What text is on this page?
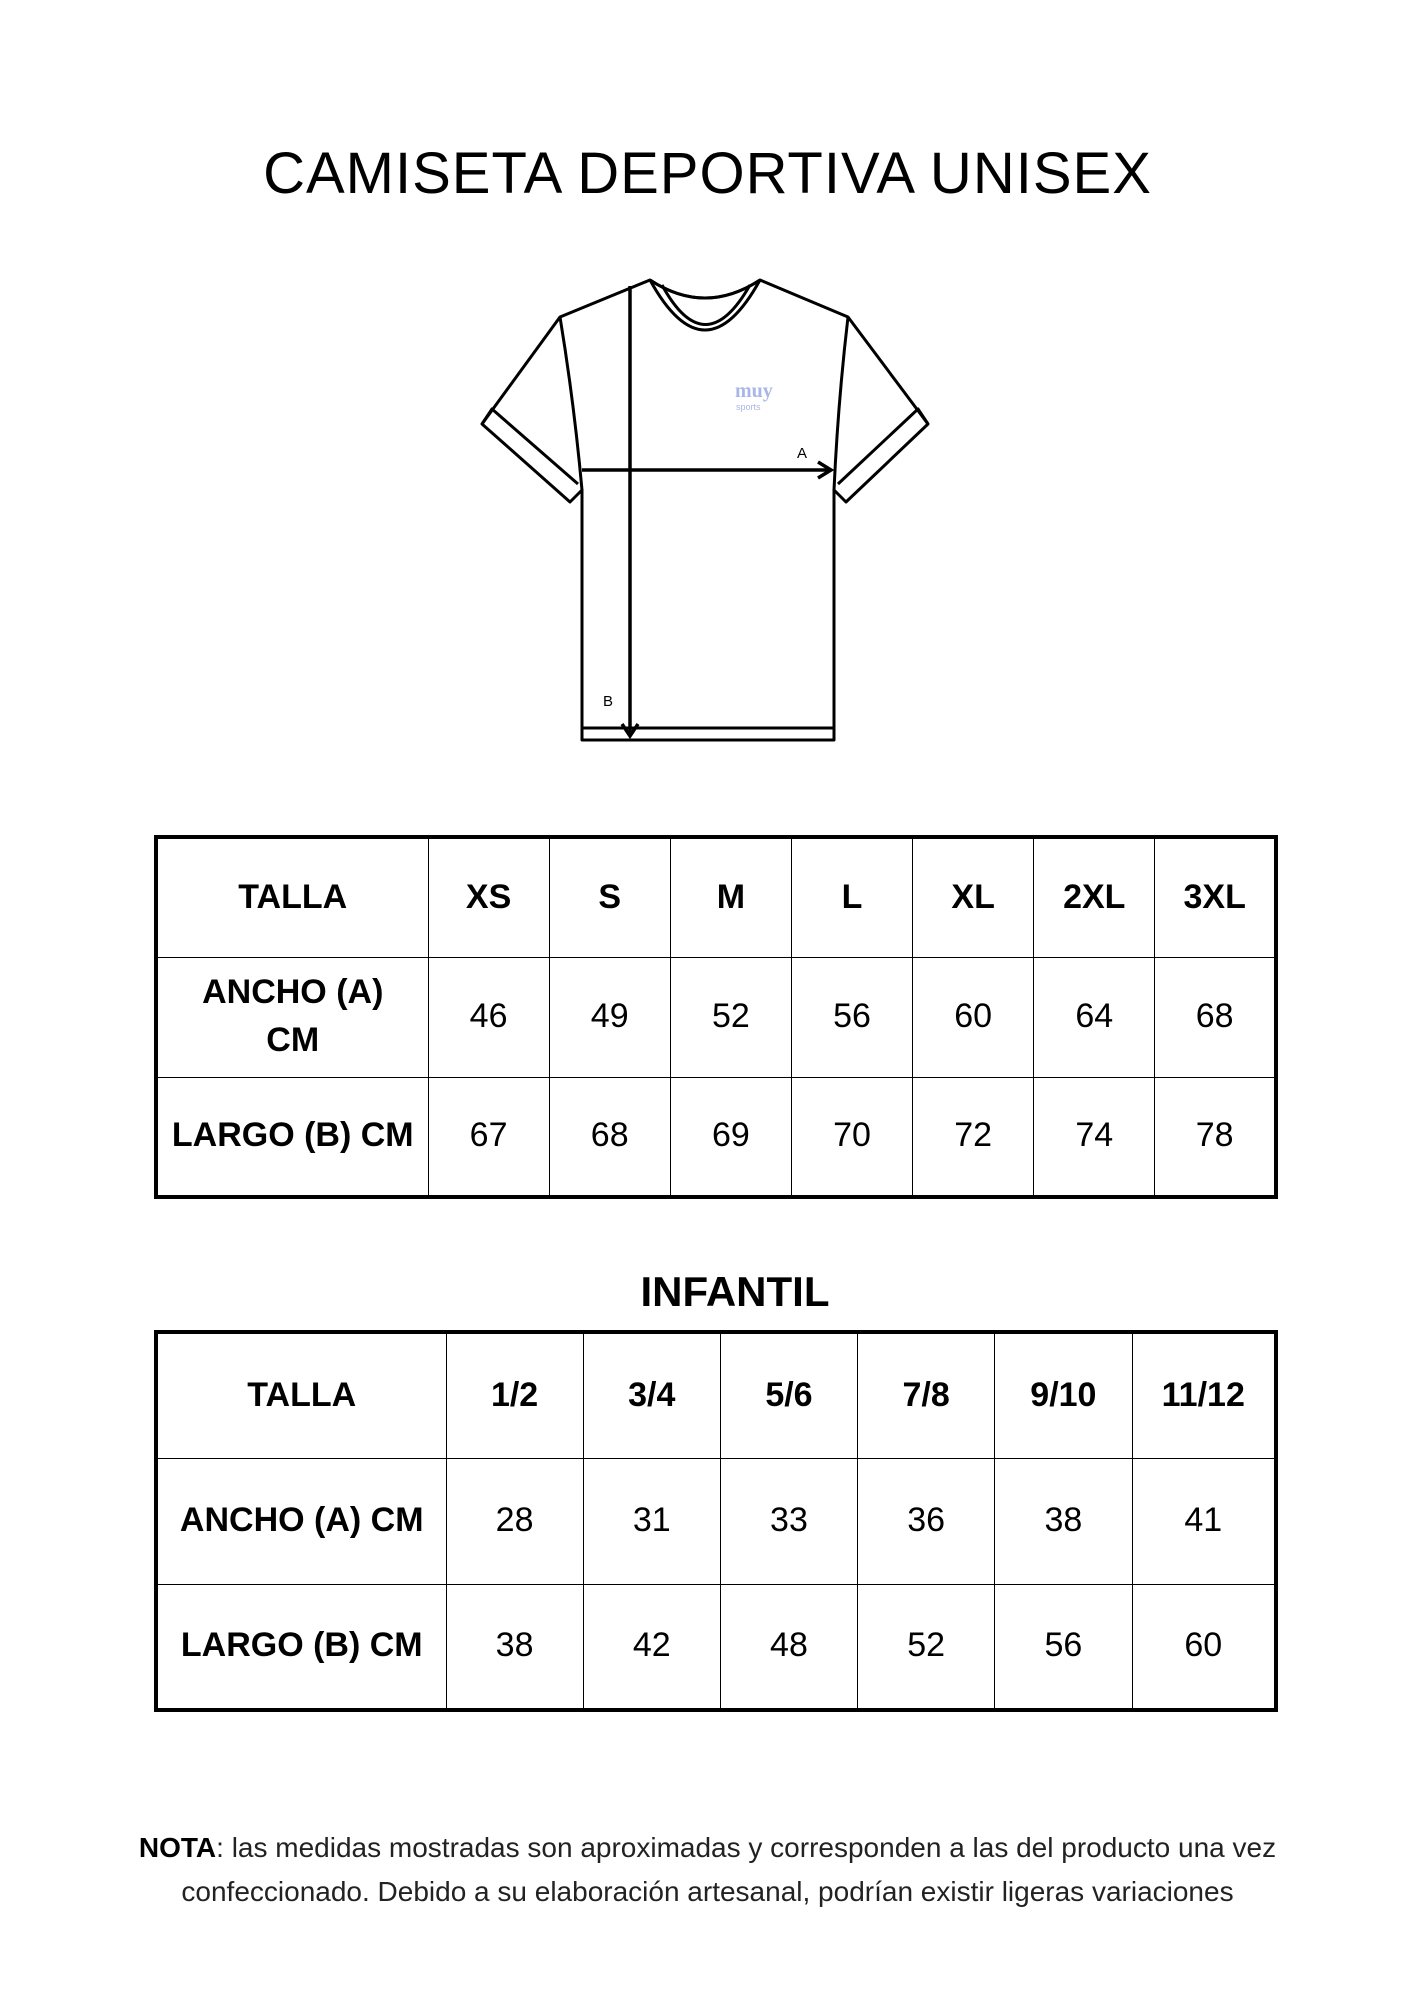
CAMISETA DEPORTIVA UNISEX
A
B
muy
sports
TALLA	XS	S	M	L	XL	2XL	3XL
ANCHO (A) CM	46	49	52	56	60	64	68
LARGO (B) CM	67	68	69	70	72	74	78
INFANTIL
TALLA	1/2	3/4	5/6	7/8	9/10	11/12
ANCHO (A) CM	28	31	33	36	38	41
LARGO (B) CM	38	42	48	52	56	60
NOTA: las medidas mostradas son aproximadas y corresponden a las del producto una vez confeccionado. Debido a su elaboración artesanal, podrían existir ligeras variaciones
